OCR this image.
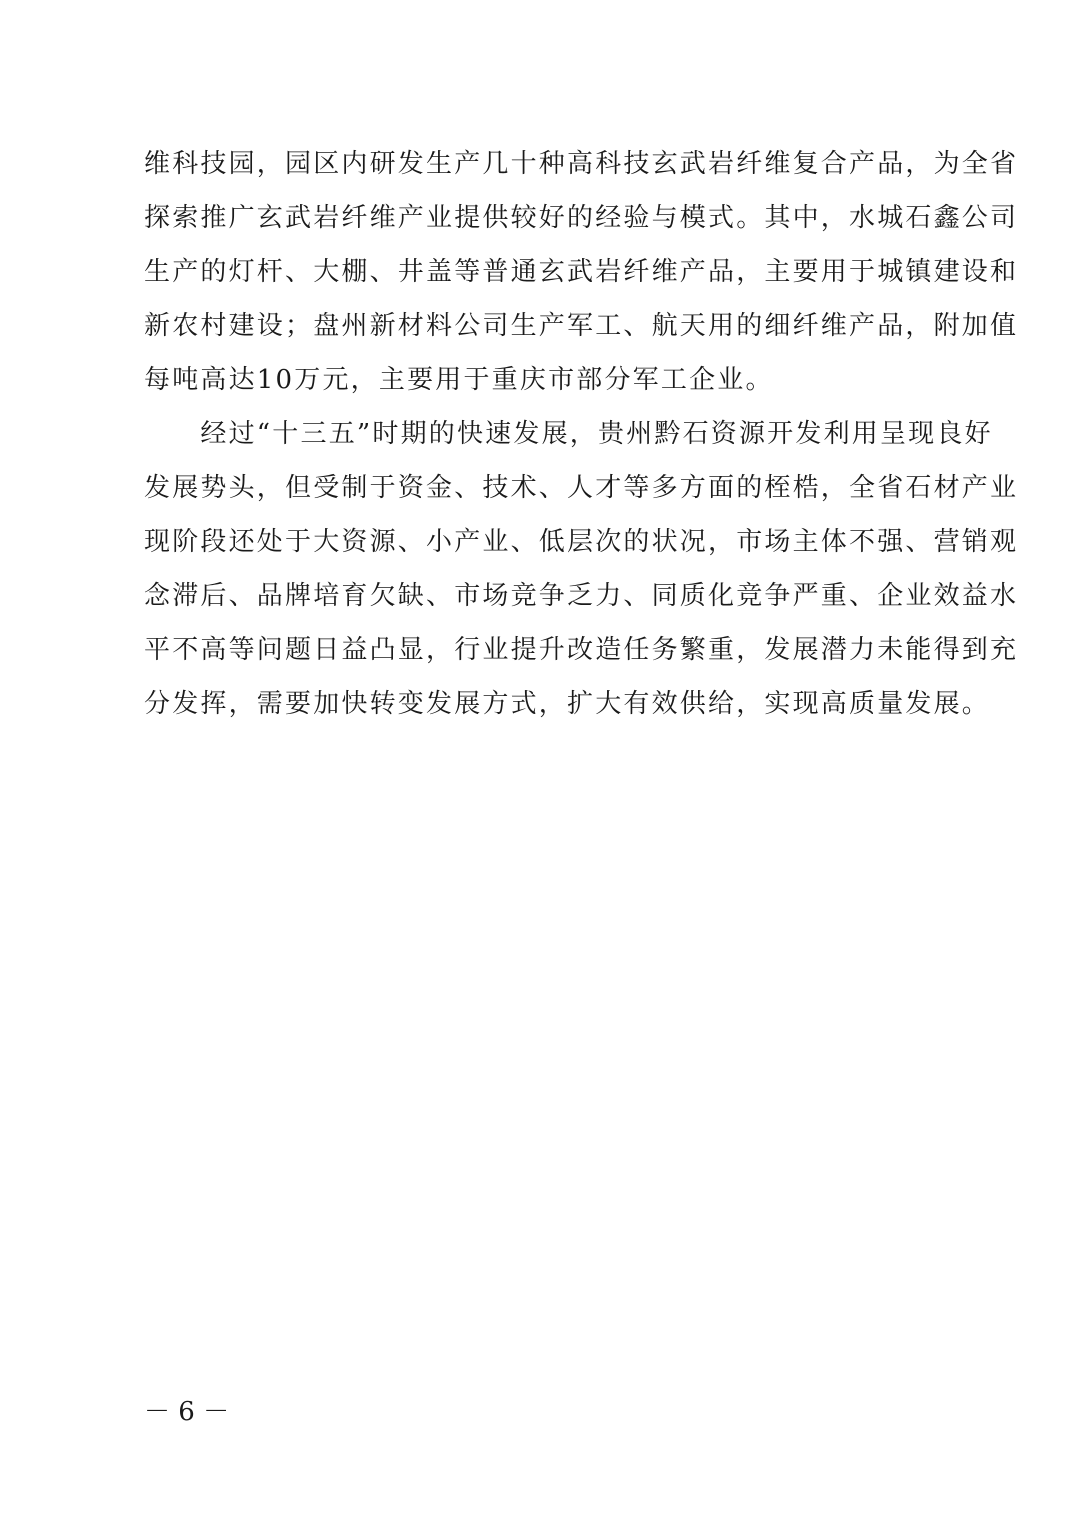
维科技园，园区内研发生产几十种高科技玄武岩纤维复合产品，为全省
探索推广玄武岩纤维产业提供较好的经验与模式。其中，水城石鑫公司
生产的灯杆、大棚、井盖等普通玄武岩纤维产品，主要用于城镇建设和
新农村建设；盘州新材料公司生产军工、航天用的细纤维产品，附加值
每吨高达10万元，主要用于重庆市部分军工企业。
　　经过“十三五”时期的快速发展，贵州黔石资源开发利用呈现良好
发展势头，但受制于资金、技术、人才等多方面的桎梏，全省石材产业
现阶段还处于大资源、小产业、低层次的状况，市场主体不强、营销观
念滞后、品牌培育欠缺、市场竞争乏力、同质化竞争严重、企业效益水
平不高等问题日益凸显，行业提升改造任务繁重，发展潜力未能得到充
分发挥，需要加快转变发展方式，扩大有效供给，实现高质量发展。
－ 6 －
